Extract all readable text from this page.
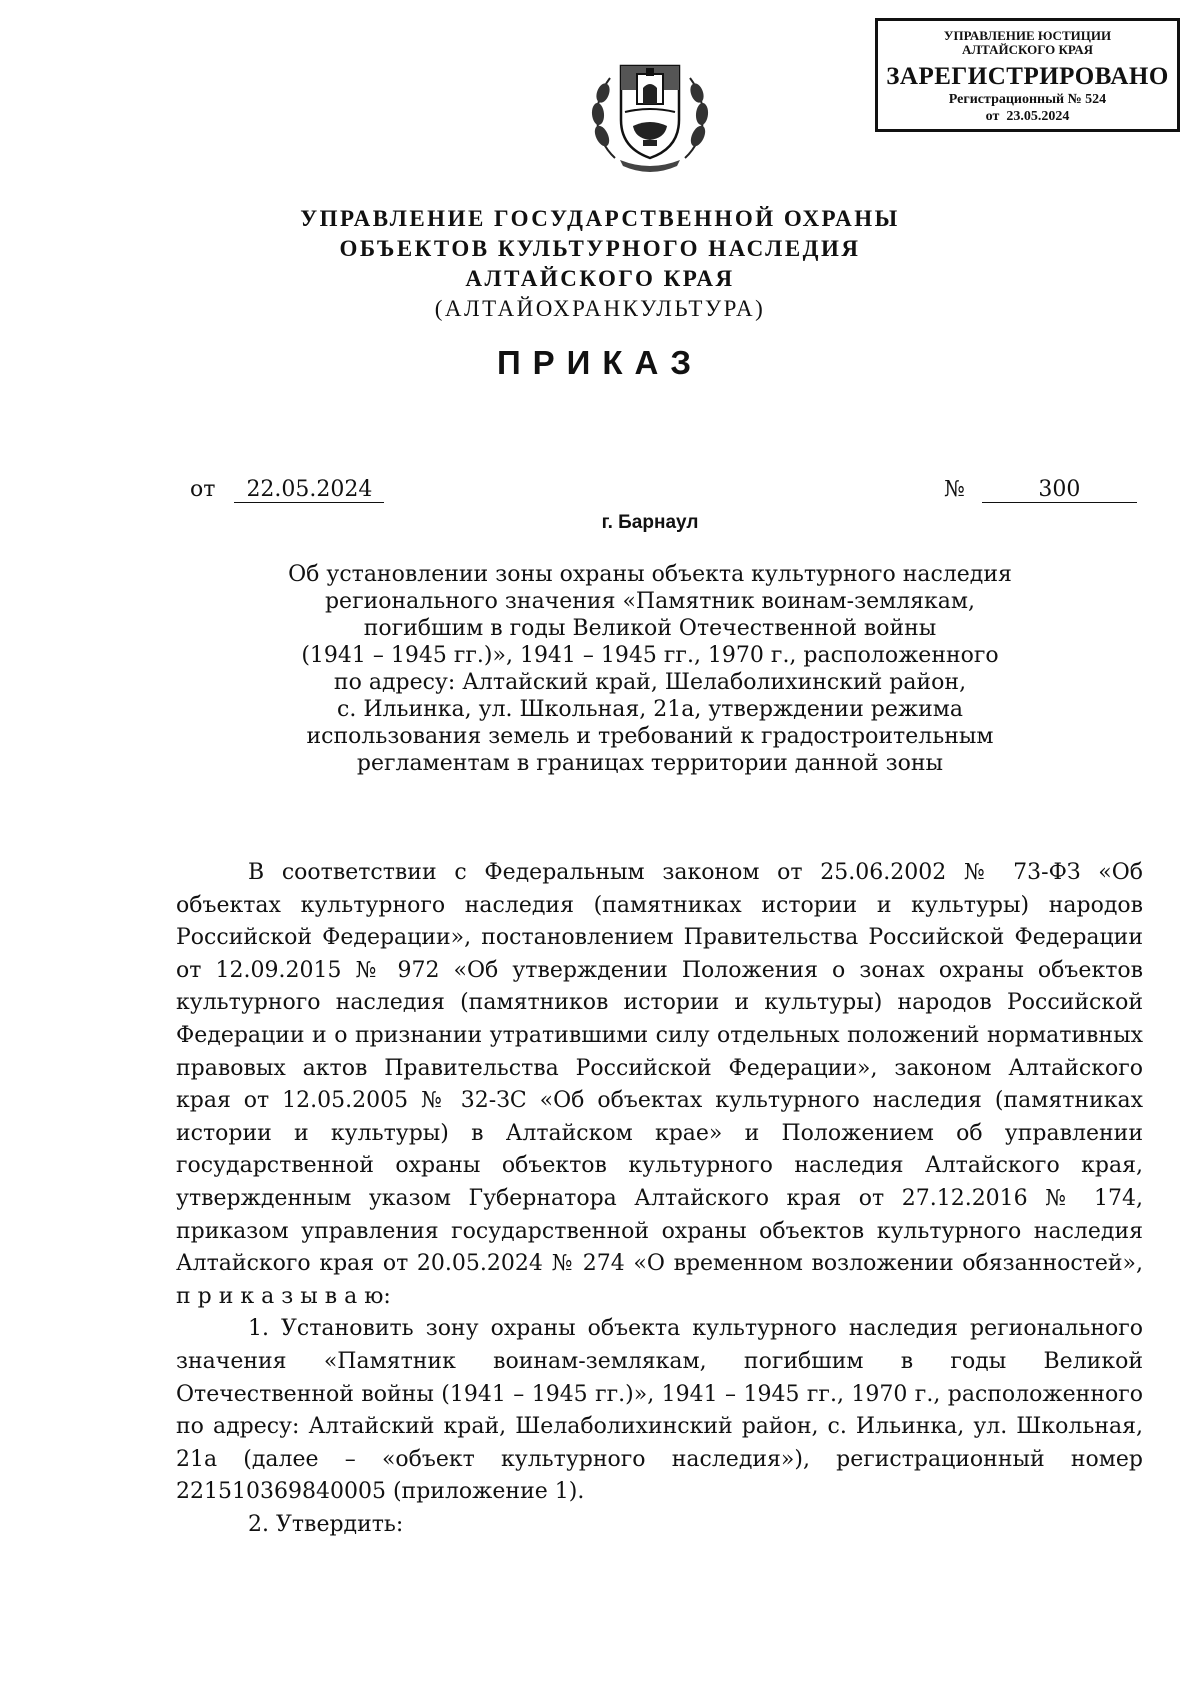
УПРАВЛЕНИЕ ЮСТИЦИИ
АЛТАЙСКОГО КРАЯ
ЗАРЕГИСТРИРОВАНО
Регистрационный № 524
от  23.05.2024
УПРАВЛЕНИЕ ГОСУДАРСТВЕННОЙ ОХРАНЫ
ОБЪЕКТОВ КУЛЬТУРНОГО НАСЛЕДИЯ
АЛТАЙСКОГО КРАЯ
(АЛТАЙОХРАНКУЛЬТУРА)
ПРИКАЗ
от 22.05.2024	№	300
г. Барнаул
Об установлении зоны охраны объекта культурного наследия
регионального значения «Памятник воинам-землякам,
погибшим в годы Великой Отечественной войны
(1941 – 1945 гг.)», 1941 – 1945 гг., 1970 г., расположенного
по адресу: Алтайский край, Шелаболихинский район,
с. Ильинка, ул. Школьная, 21а, утверждении режима
использования земель и требований к градостроительным
регламентам в границах территории данной зоны

В соответствии с Федеральным законом от 25.06.2002 № 73-ФЗ «Об объектах культурного наследия (памятниках истории и культуры) народов Российской Федерации», постановлением Правительства Российской Федерации от 12.09.2015 № 972 «Об утверждении Положения о зонах охраны объектов культурного наследия (памятников истории и культуры) народов Российской Федерации и о признании утратившими силу отдельных положений нормативных правовых актов Правительства Российской Федерации», законом Алтайского края от 12.05.2005 № 32-ЗС «Об объектах культурного наследия (памятниках истории и культуры) в Алтайском крае» и Положением об управлении государственной охраны объектов культурного наследия Алтайского края, утвержденным указом Губернатора Алтайского края от 27.12.2016 № 174, приказом управления государственной охраны объектов культурного наследия Алтайского края от 20.05.2024 № 274 «О временном возложении обязанностей», п р и к а з ы в а ю:

1. Установить зону охраны объекта культурного наследия регионального значения «Памятник воинам-землякам, погибшим в годы Великой Отечественной войны (1941 – 1945 гг.)», 1941 – 1945 гг., 1970 г., расположенного по адресу: Алтайский край, Шелаболихинский район, с. Ильинка, ул. Школьная, 21а (далее – «объект культурного наследия»), регистрационный номер 221510369840005 (приложение 1).

2. Утвердить:
